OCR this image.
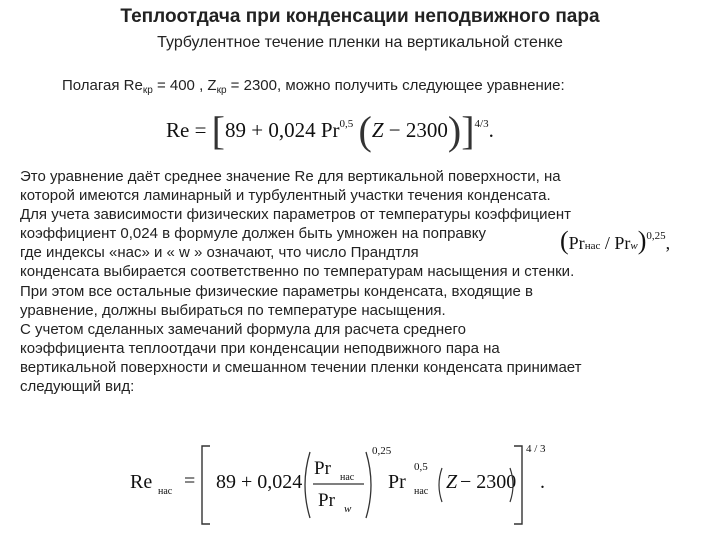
Теплоотдача при конденсации неподвижного пара
Турбулентное течение пленки на вертикальной стенке
Полагая $Re_{кр} = 400$ , $Z_{кр} = 2300$, можно получить следующее уравнение:
Re = [89 + 0,024 Pr$^{0,5}$ (Z − 2300)]$^{4/3}$.
Это уравнение даёт среднее значение Re для вертикальной поверхности, на
которой имеются ламинарный и турбулентный участки течения конденсата.
Для учета зависимости физических параметров от температуры коэффициент
коэффициент 0,024 в формуле должен быть умножен на поправку
где индексы «нас» и « w » означают, что число Прандтля
конденсата выбирается соответственно по температурам насыщения и стенки.
При этом все остальные физические параметры конденсата, входящие в
уравнение, должны выбираться по температуре насыщения.
С учетом сделанных замечаний формула для расчета среднего
коэффициента теплоотдачи при конденсации неподвижного пара на
вертикальной поверхности и смешанном течении пленки конденсата принимает
следующий вид:
(Prнас / Prw)$^{0,25}$,
Re нас = 89 + 0,024
Pr нас
Pr w
0,25
Pr нас
0,5
Z − 2300
4 / 3
.
